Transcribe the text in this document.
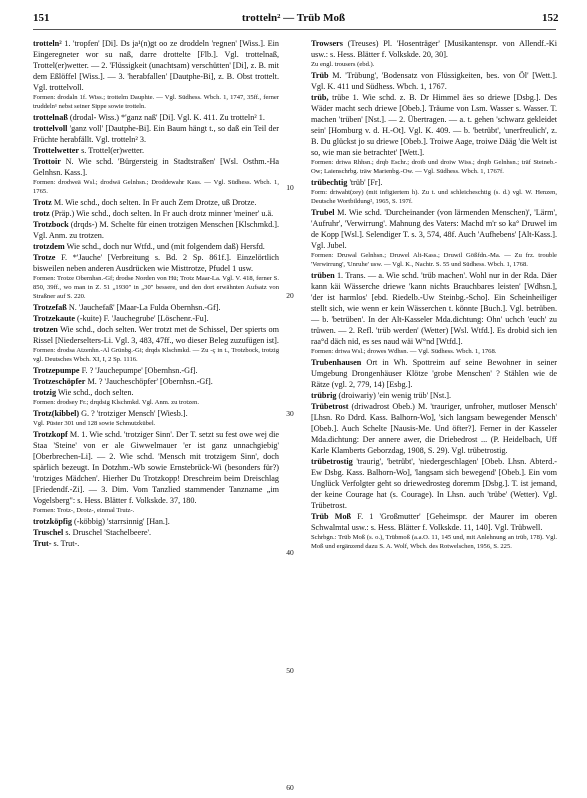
151	trotteln² — Trüb Moß	152

trotteln² 1. 'tropfen' [Di]. Ds ja¹(n)gt oo ze droddeln 'regnen' [Wiss.]. Ein Eingeregneter wor su naß, darre drottelte [Flb.]. Vgl. trottelnaß, Trottel(er)wetter. — 2. 'Flüssigkeit (unachtsam) verschütten' [Di], z. B. mit dem Eßlöffel [Wiss.]. — 3. 'herabfallen' [Dautphe-Bi], z. B. Obst trottelt. Vgl. trottelvoll.

Formen: drodaln 1f. Wiss.; trottelm Dauphte. — Vgl. Südhess. Wbch. 1, 1747, 35ff., ferner truddeln¹ nebst seiner Sippe sowie trotteln.

trottelnaß (drodal- Wiss.) *'ganz naß' [Di]. Vgl. K. 411. Zu trotteln² 1.

trottelvoll 'ganz voll' [Dautphe-Bi]. Ein Baum hängt t., so daß ein Teil der Früchte herabfällt. Vgl. trotteln² 3.

Trottelwetter s. Trottel(er)wetter.

Trottoir N. Wie schd. 'Bürgersteig in Stadtstraßen' [Wsl. Osthm.-Ha Gelnhsn. Kass.].

Formen: drodweä Wsl.; drodwä Gelnhsn.; Droddewahr Kass. — Vgl. Südhess. Wbch. 1, 1765.

Trotz M. Wie schd., doch selten. In Fr auch Zem Drotze, uß Drotze.

trotz (Präp.) Wie schd., doch selten. In Fr auch drotz minner 'meiner' u.ä.

Trotzbock (drqds-) M. Schelte für einen trotzigen Menschen [Klschmkd.]. Vgl. Anm. zu trotzen.

trotzdem Wie schd., doch nur Wtfd., und (mit folgendem daß) Hersfd.

Trotze F. *'Jauche' [Verbreitung s. Bd. 2 Sp. 861f.]. Einzelörtlich bisweilen neben anderen Ausdrücken wie Misttrotze, Pfudel 1 usw.

Formen: Trotze Obernhsn.-Gf; drodse Norden von Hü; Trotz Maar-La. Vgl. V. 418, ferner S. 850, 39ff., wo man in Z. 51 „1930" in „30" bessere, und den dort erwähnten Aufsatz von Straßner auf S. 220.

Trotzefaß N. 'Jauchefaß' [Maar-La Fulda Obernhsn.-Gf].

Trotzekaute (-kuite) F. 'Jauchegrube' [Löschenr.-Fu].

trotzen Wie schd., doch selten. Wer trotzt met de Schissel, Der spierts om Rissel [Niederselters-Li. Vgl. 3, 483, 47ff., wo dieser Beleg zuzufügen ist].

Formen: drodsa Atzenhn.-Al Grünbg.-Gi; drqds Klschmkd. — Zu -ç in t., Trotzbock, trotzig vgl. Deutsches Wbch. XI, I, 2 Sp. 1116.

Trotzepumpe F. ? 'Jauchepumpe' [Obernhsn.-Gf].

Trotzeschöpfer M. ? 'Jaucheschöpfer' [Obernhsn.-Gf].

trotzig Wie schd., doch selten.

Formen: drodsey Fr.; drqdsig Klschmkd. Vgl. Anm. zu trotzen.

Trotz(kibbel) G. ? 'trotziger Mensch' [Wiesb.].

Vgl. Püster 301 und 128 sowie Schmutzkübel.

Trotzkopf M. 1. Wie schd. 'trotziger Sinn'. Der T. setzt su fest owe wej die Staa 'Steine' von er ale Giwwelmauer 'er ist ganz unnachgiebig' [Oberbrechen-Li]. — 2. Wie schd. 'Mensch mit trotzigem Sinn', doch spärlich bezeugt. In Dotzhm.-Wb sowie Ernstebrück-Wi (besonders für?) 'trotziges Mädchen'. Hierher Du Trotzkopp! Dreschreim beim Dreischlag [Friedendf.-Zi]. — 3. Dim. Vom Tanzlied stammender Tanzname „im Vogelsberg": s. Hess. Blätter f. Volkskde. 37, 180.

Formen: Trotz-, Drotz-, einmal Trutz-.

trotzköpfig (-köbbig) 'starrsinnig' [Han.].

Truschel s. Druschel 'Stachelbeere'.

Trut- s. Trut-.

Trowsers (Treuses) Pl. 'Hosenträger' [Musikantenspr. von Allendf.-Ki usw.: s. Hess. Blätter f. Volkskde. 20, 30].

Zu engl. trousers (ebd.).

Trüb M. 'Trübung', 'Bodensatz von Flüssigkeiten, bes. von Öl' [Wett.]. Vgl. K. 411 und Südhess. Wbch. 1, 1767.

trüb, trübe 1. Wie schd. z. B. Dr Himmel äes so driewe [Dsbg.]. Des Wäder macht sech driewe [Obeb.]. Träume von Lsm. Wasser s. Wasser. T. machen 'trüben' [Nst.]. — 2. Übertragen. — a. t. gehen 'schwarz gekleidet sein' [Homburg v. d. H.-Ot]. Vgl. K. 409. — b. 'betrübt', 'unerfreulich', z. B. Du glückst jo su driewe [Obeb.]. Troiwe Aage, troiwe Dääg 'die Welt ist so, wie man sie betrachtet' [Wett.].

Formen: driwa Rhhsn.; drqb Eschr.; droib und droiw Wiss.; drqib Gelnhsn.; träf Steineb.-Ow; Laienschrbg. träw Marienbg.-Ow. — Vgl. Südhess. Wbch. 1, 1767f.

trübechtig 'trüb' [Fr].

Form: driwaht(zey) (mit infigiertem h). Zu t. und schleicheschtig (s. d.) vgl. W. Henzen, Deutsche Wortbildung², 1965, S. 197f.

Trubel M. Wie schd. 'Durcheinander (von lärmenden Menschen)', 'Lärm', 'Aufruhr', 'Verwirrung'. Mahnung des Vaters: Machd m'r so ka° Druwel im de Kopp [Wsl.]. Selendiger T. s. 3, 574, 48f. Auch 'Aufhebens' [Alt-Kass.]. Vgl. Jubel.

Formen: Druwal Gelnhsn.; Druwel Alt-Kass.; Druwil Gößfdn.-Ma. — Zu frz. trouble 'Verwirrung', 'Unruhe' usw. — Vgl. K., Nachtr. S. 55 und Südhess. Wbch. 1, 1768.

trüben 1. Trans. — a. Wie schd. 'trüb machen'. Wohl nur in der Rda. Däer kann käi Wässerche driewe 'kann nichts Brauchbares leisten' [Wdhsn.], 'der ist harmlos' [ebd. Riedelb.-Uw Steinbg.-Scho]. Ein Scheinheiliger stellt sich, wie wenn er kein Wässerchen t. könnte [Buch.]. Vgl. betrüben. — b. 'betrüben'. In der Alt-Kasseler Mda.dichtung: Ohn' uchch 'euch' zu trüwen. — 2. Refl. 'trüb werden' (Wetter) [Wsl. Wtfd.]. Es drobid sich ien raa°d däch nid, es ses naud wäi W°nd [Wtfd.].

Formen: driwa Wsl.; drowes Wdhsn. — Vgl. Südhess. Wbch. 1, 1768.

Trubenhausen Ort in Wh. Spottreim auf seine Bewohner in seiner Umgebung Drongenhäuser Klötze 'grobe Menschen' ? Stählen wie de Rätze (vgl. 2, 779, 14) [Esbg.].

trübrig (droiwariy) 'ein wenig trüb' [Nst.].

Trübetrost (driwadrost Obeb.) M. 'trauriger, unfroher, mutloser Mensch' [Lhsn. Ro Ddrd. Kass. Balhorn-Wo], 'sich langsam bewegender Mensch' [Obeb.]. Auch Schelte [Nausis-Me. Und öfter?]. Ferner in der Kasseler Mda.dichtung: Der annere awer, die Driebedrost ... (P. Heidelbach, Uff Karle Klamberts Geborzdag, 1908, S. 29). Vgl. trübetrostig.

trübetrostig 'traurig', 'betrübt', 'niedergeschlagen' [Obeb. Lhsn. Abterd.-Ew Dsbg. Kass. Balhorn-Wo], 'langsam sich bewegend' [Obeb.]. Ein vom Unglück Verfolgter geht so driewedrosteg doremm [Dsbg.]. T. ist jemand, der keine Courage hat (s. Courage). In Lhsn. auch 'trübe' (Wetter). Vgl. Trübetrost.

Trüb Moß F. 1 'Großmutter' [Geheimspr. der Maurer im oberen Schwalmtal usw.: s. Hess. Blätter f. Volkskde. 11, 140]. Vgl. Trübwell.

Schrbgn.: Trüb Moß (s. o.), Trübmoß (a.a.O. 11, 145 und, mit Anlehnung an trüb, 178). Vgl. Moß und ergänzend dazu S. A. Wolf, Wbch. des Rotwelschen, 1956, S. 225.

10
20
30
40
50
60
